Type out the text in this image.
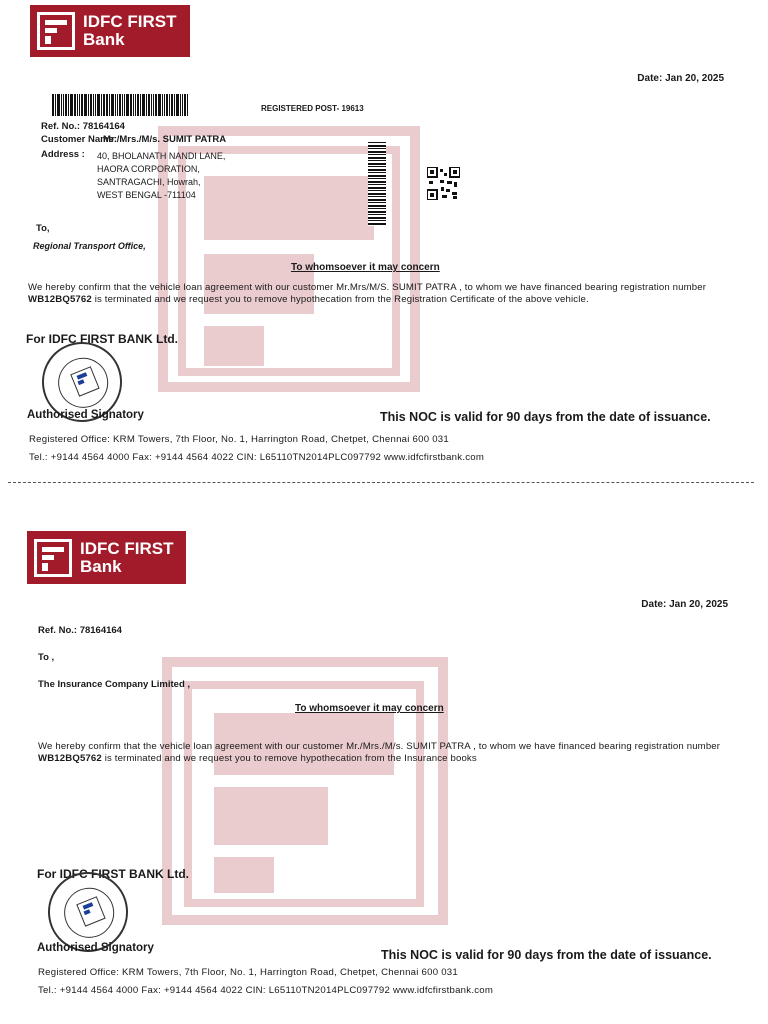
IDFC FIRST
Bank
Date: Jan 20, 2025
REGISTERED POST- 19613
Ref. No.: 78164164
Customer Name:
Mr./Mrs./M/s. SUMIT PATRA
Address : 40, BHOLANATH NANDI LANE,
HAORA CORPORATION,
SANTRAGACHI, Howrah,
WEST BENGAL -711104
To,
Regional Transport Office,
To whomsoever it may concern
We hereby confirm that the vehicle loan agreement with our customer Mr.Mrs/M/S. SUMIT PATRA , to whom we have financed bearing registration number WB12BQ5762 is terminated and we request you to remove hypothecation from the Registration Certificate of the above vehicle.
For IDFC FIRST BANK Ltd.
Authorised Signatory	This NOC is valid for 90 days from the date of issuance.
Registered Office: KRM Towers, 7th Floor, No. 1, Harrington Road, Chetpet, Chennai 600 031
Tel.: +9144 4564 4000 Fax: +9144 4564 4022 CIN: L65110TN2014PLC097792 www.idfcfirstbank.com
IDFC FIRST
Bank
Date: Jan 20, 2025
Ref. No.: 78164164
To ,
The Insurance Company Limited ,
To whomsoever it may concern
We hereby confirm that the vehicle loan agreement with our customer Mr./Mrs./M/s. SUMIT PATRA , to whom we have financed bearing registration number WB12BQ5762 is terminated and we request you to remove hypothecation from the Insurance books
For IDFC FIRST BANK Ltd.
Authorised Signatory	This NOC is valid for 90 days from the date of issuance.
Registered Office: KRM Towers, 7th Floor, No. 1, Harrington Road, Chetpet, Chennai 600 031
Tel.: +9144 4564 4000 Fax: +9144 4564 4022 CIN: L65110TN2014PLC097792 www.idfcfirstbank.com
